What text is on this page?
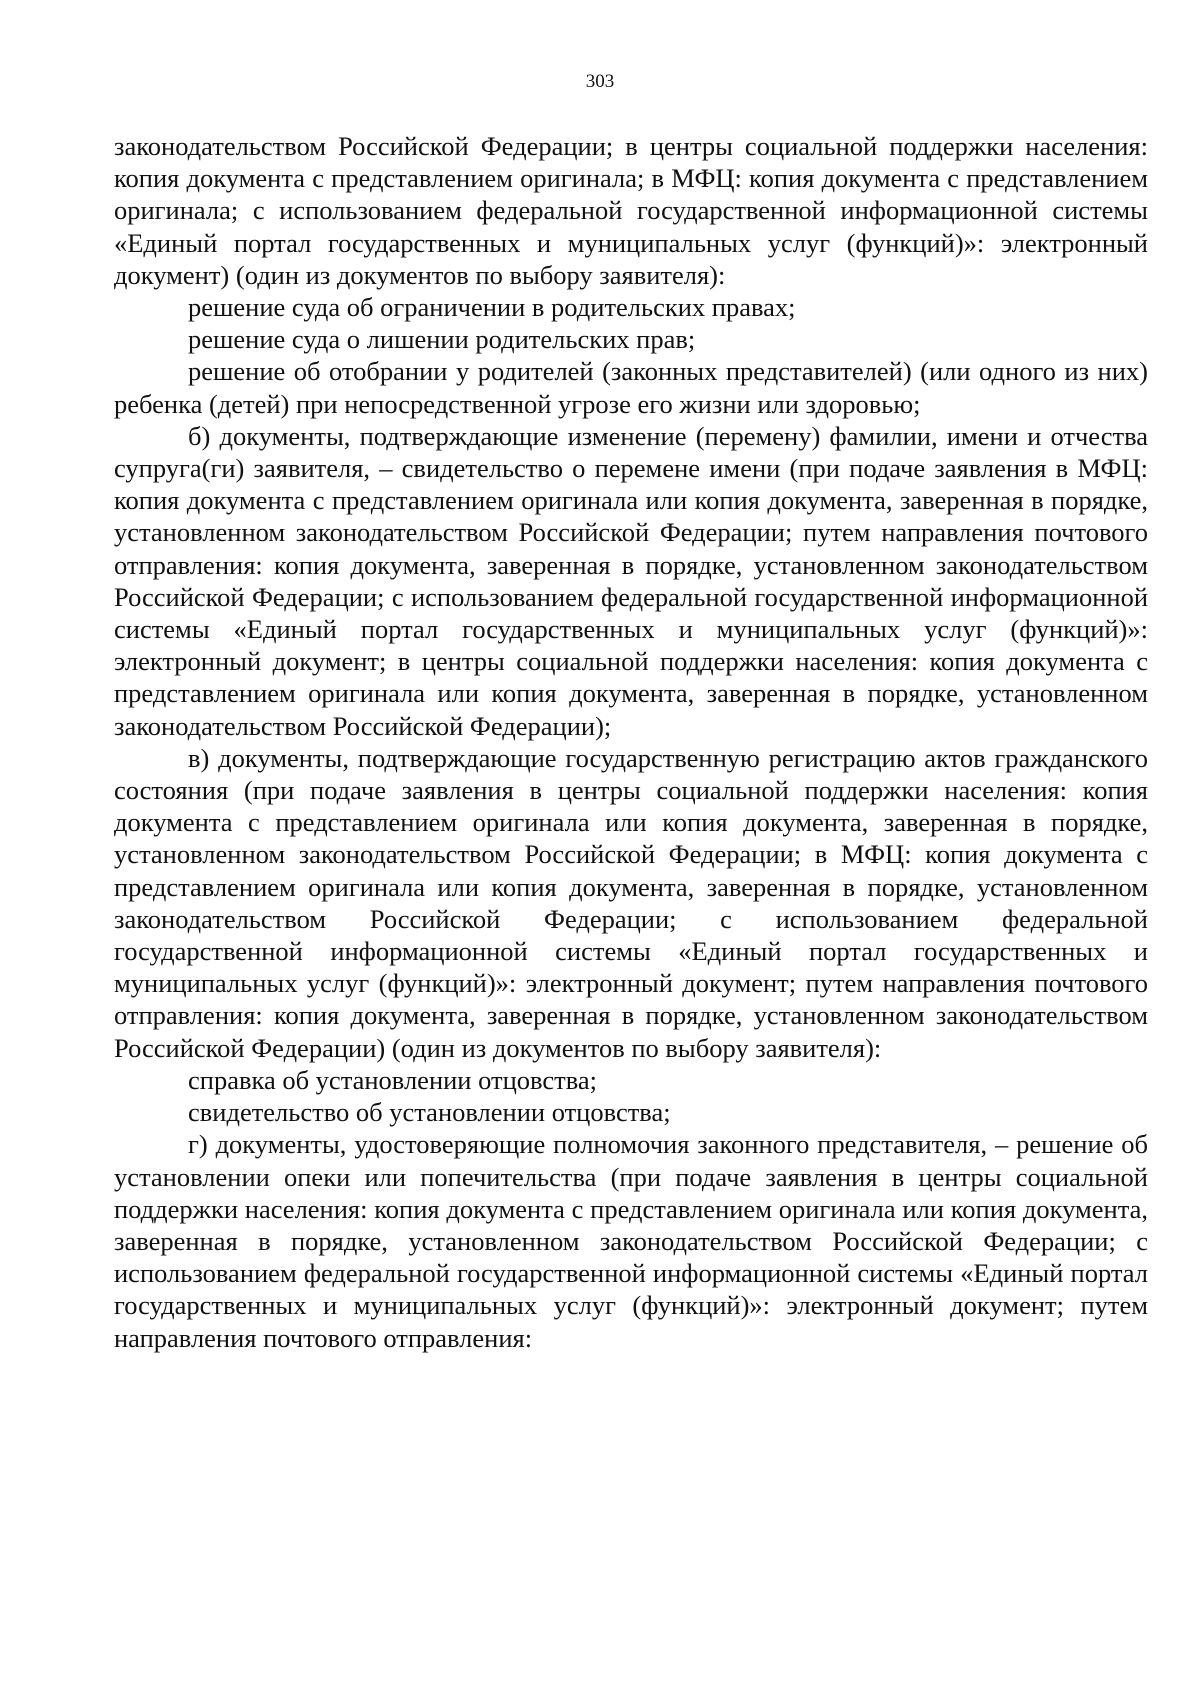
303

законодательством Российской Федерации; в центры социальной поддержки населения: копия документа с представлением оригинала; в МФЦ: копия документа с представлением оригинала; с использованием федеральной государственной информационной системы «Единый портал государственных и муниципальных услуг (функций)»: электронный документ) (один из документов по выбору заявителя):

решение суда об ограничении в родительских правах;

решение суда о лишении родительских прав;

решение об отобрании у родителей (законных представителей) (или одного из них) ребенка (детей) при непосредственной угрозе его жизни или здоровью;

б) документы, подтверждающие изменение (перемену) фамилии, имени и отчества супруга(ги) заявителя, – свидетельство о перемене имени (при подаче заявления в МФЦ: копия документа с представлением оригинала или копия документа, заверенная в порядке, установленном законодательством Российской Федерации; путем направления почтового отправления: копия документа, заверенная в порядке, установленном законодательством Российской Федерации; с использованием федеральной государственной информационной системы «Единый портал государственных и муниципальных услуг (функций)»: электронный документ; в центры социальной поддержки населения: копия документа с представлением оригинала или копия документа, заверенная в порядке, установленном законодательством Российской Федерации);

в) документы, подтверждающие государственную регистрацию актов гражданского состояния (при подаче заявления в центры социальной поддержки населения: копия документа с представлением оригинала или копия документа, заверенная в порядке, установленном законодательством Российской Федерации; в МФЦ: копия документа с представлением оригинала или копия документа, заверенная в порядке, установленном законодательством Российской Федерации; с использованием федеральной государственной информационной системы «Единый портал государственных и муниципальных услуг (функций)»: электронный документ; путем направления почтового отправления: копия документа, заверенная в порядке, установленном законодательством Российской Федерации) (один из документов по выбору заявителя):

справка об установлении отцовства;

свидетельство об установлении отцовства;

г) документы, удостоверяющие полномочия законного представителя, – решение об установлении опеки или попечительства (при подаче заявления в центры социальной поддержки населения: копия документа с представлением оригинала или копия документа, заверенная в порядке, установленном законодательством Российской Федерации; с использованием федеральной государственной информационной системы «Единый портал государственных и муниципальных услуг (функций)»: электронный документ; путем направления почтового отправления:
